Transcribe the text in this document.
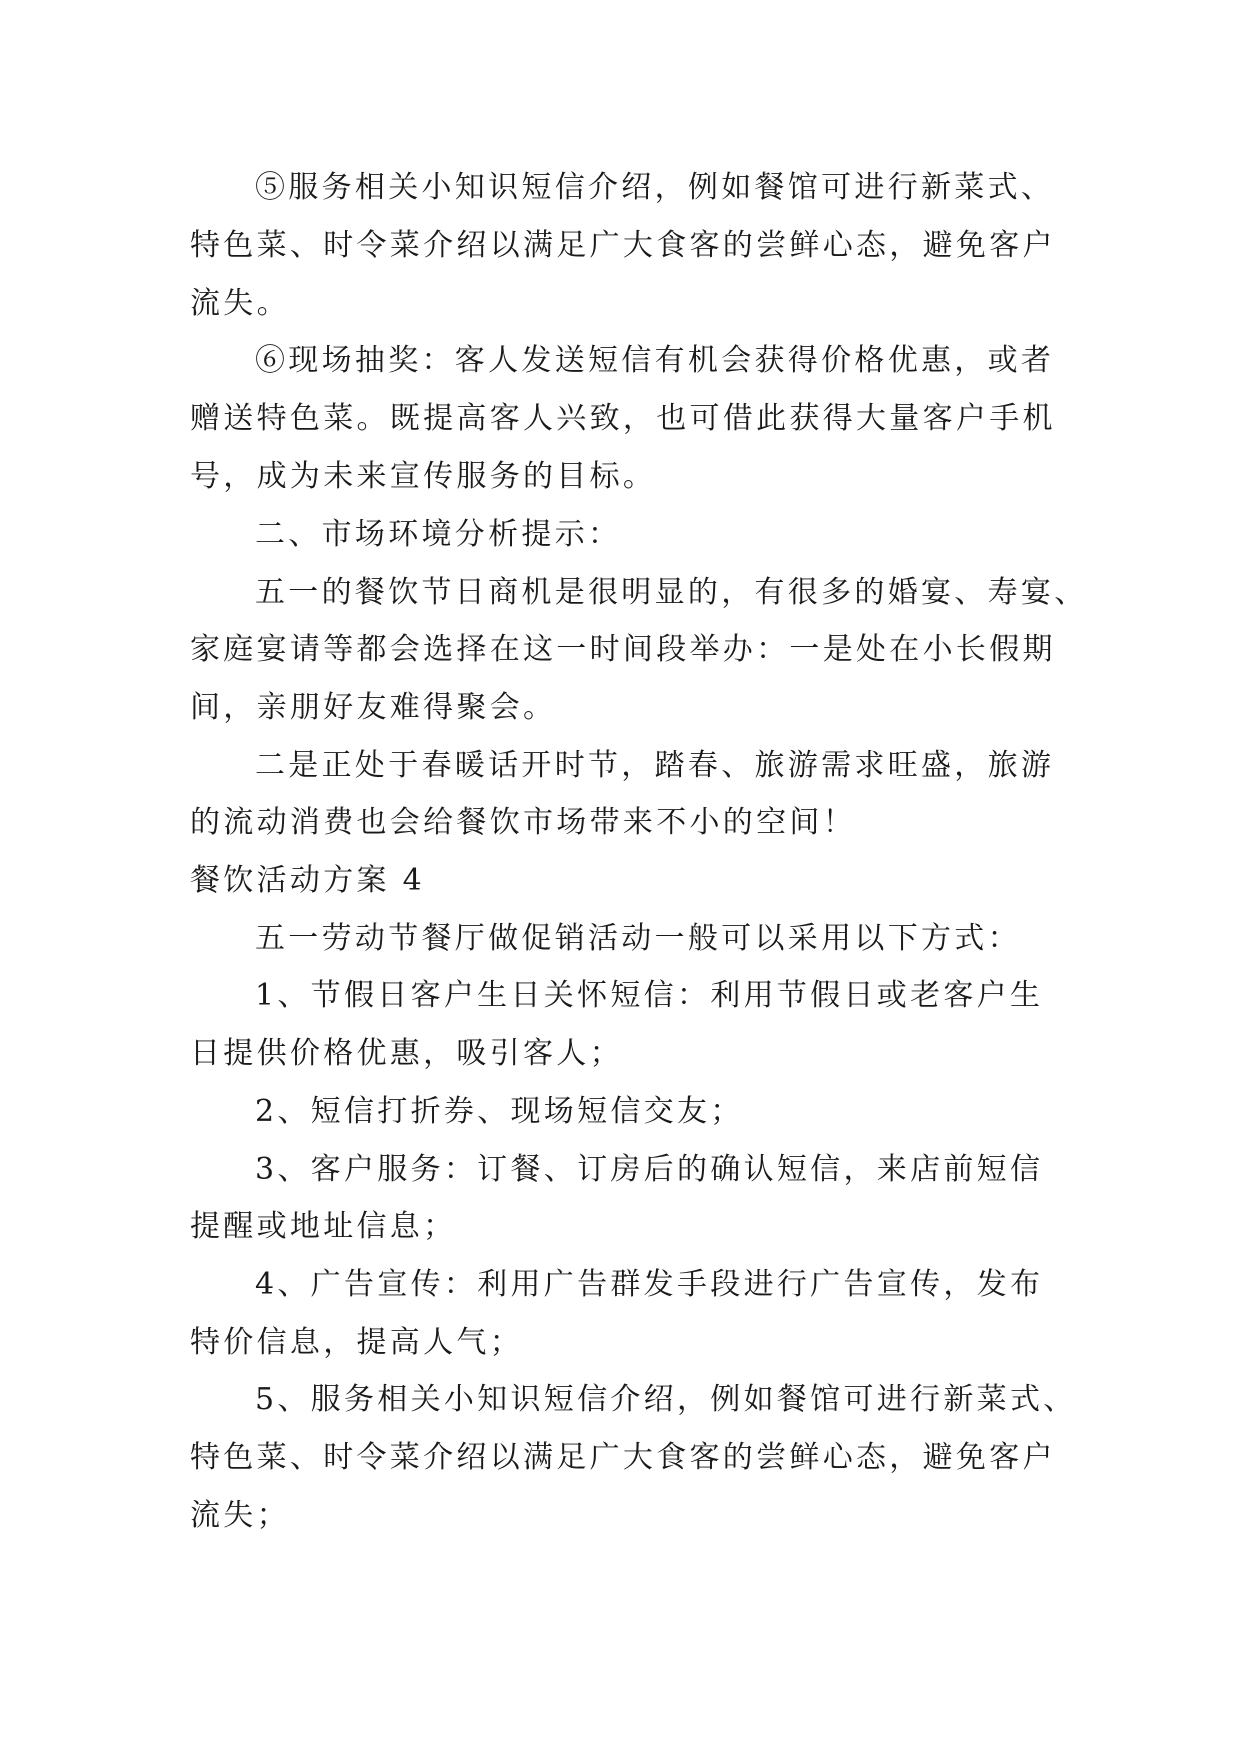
⑤服务相关小知识短信介绍，例如餐馆可进行新菜式、
特色菜、时令菜介绍以满足广大食客的尝鲜心态，避免客户
流失。
⑥现场抽奖：客人发送短信有机会获得价格优惠，或者
赠送特色菜。既提高客人兴致，也可借此获得大量客户手机
号，成为未来宣传服务的目标。
二、市场环境分析提示：
五一的餐饮节日商机是很明显的，有很多的婚宴、寿宴、
家庭宴请等都会选择在这一时间段举办：一是处在小长假期
间，亲朋好友难得聚会。
二是正处于春暖话开时节，踏春、旅游需求旺盛，旅游
的流动消费也会给餐饮市场带来不小的空间！
餐饮活动方案 4
五一劳动节餐厅做促销活动一般可以采用以下方式：
1、节假日客户生日关怀短信：利用节假日或老客户生
日提供价格优惠，吸引客人；
2、短信打折券、现场短信交友；
3、客户服务：订餐、订房后的确认短信，来店前短信
提醒或地址信息；
4、广告宣传：利用广告群发手段进行广告宣传，发布
特价信息，提高人气；
5、服务相关小知识短信介绍，例如餐馆可进行新菜式、
特色菜、时令菜介绍以满足广大食客的尝鲜心态，避免客户
流失；
